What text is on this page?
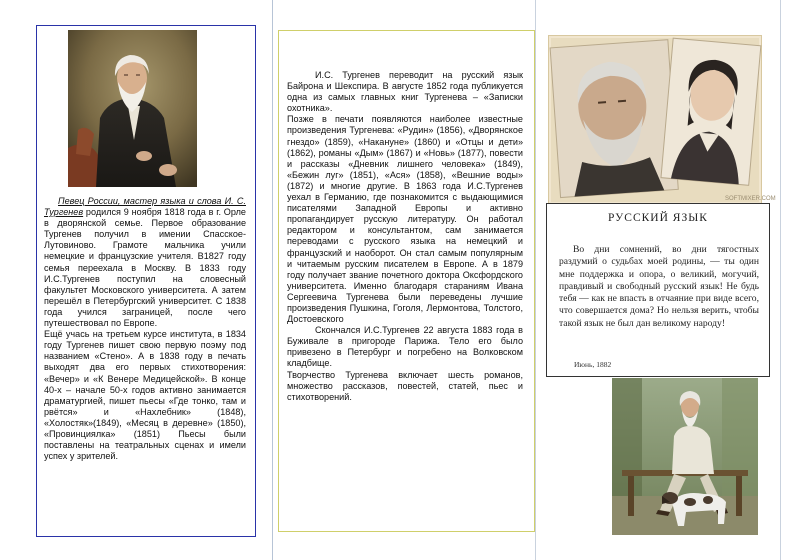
Певец России, мастер языка и слова И. С. Тургенев родился 9 ноября 1818 года в г. Орле в дворянской семье. Первое образование Тургенев получил в имении Спасское-Лутовиново. Грамоте мальчика учили немецкие и французские учителя. В1827 году семья переехала в Москву. В 1833 году И.С.Тургенев поступил на словесный факультет Московского университета. А затем перешёл в Петербургский университет. С 1838 года учился заграницей, после чего путешествовал по Европе.

Ещё учась на третьем курсе института, в 1834 году Тургенев пишет свою первую поэму под названием «Стено». А в 1838 году в печать выходят два его первых стихотворения: «Вечер» и «К Венере Медицейской». В конце 40-х – начале 50-х годов активно занимается драматургией, пишет пьесы «Где тонко, там и рвётся» и «Нахлебник» (1848), «Холостяк»(1849), «Месяц в деревне» (1850), «Провинциялка» (1851) Пьесы были поставлены на театральных сценах и имели успех у зрителей.

И.С. Тургенев переводит на русский язык Байрона и Шекспира. В августе 1852 года публикуется одна из самых главных книг Тургенева – «Записки охотника».

Позже в печати появляются наиболее известные произведения Тургенева: «Рудин» (1856), «Дворянское гнездо» (1859), «Накануне» (1860) и «Отцы и дети» (1862), романы «Дым» (1867) и «Новь» (1877), повести и рассказы «Дневник лишнего человека» (1849), «Бежин луг» (1851), «Ася» (1858), «Вешние воды» (1872) и многие другие. В 1863 года И.С.Тургенев уехал в Германию, где познакомится с выдающимися писателями Западной Европы и активно пропагандирует русскую литературу. Он работал редактором и консультантом, сам занимается переводами с русского языка на немецкий и французский и наоборот. Он стал самым популярным и читаемым русским писателем в Европе. А в 1879 году получает звание почетного доктора Оксфордского университета. Именно благодаря стараниям Ивана Сергеевича Тургенева были переведены лучшие произведения Пушкина, Гоголя, Лермонтова, Толстого, Достоевского

Скончался И.С.Тургенев 22 августа 1883 года в Буживале в пригороде Парижа. Тело его было привезено в Петербург и погребено на Волковском кладбище.

Творчество Тургенева включает шесть романов, множество рассказов, повестей, статей, пьес и стихотворений.

SOFTMIXER.COM
РУССКИЙ ЯЗЫК
Во дни сомнений, во дни тягостных раздумий о судьбах моей родины, — ты один мне поддержка и опора, о великий, могучий, правдивый и свободный русский язык! Не будь тебя — как не впасть в отчаяние при виде всего, что совершается дома? Но нельзя верить, чтобы такой язык не был дан великому народу!
Июнь, 1882
